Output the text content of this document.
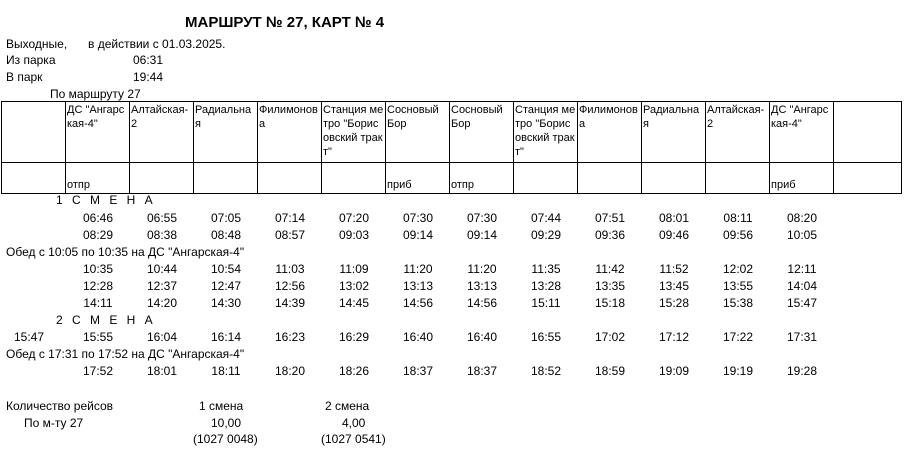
МАРШРУТ № 27, КАРТ № 4
Выходные, в действии с 01.03.2025.
Из парка	06:31
В парк	19:44
По маршруту 27
	ДС "Ангарская-4"	Алтайская-2	Радиальная	Филимонова	Станция метро "Борисовский тракт"	Сосновый Бор	Сосновый Бор	Станция метро "Борисовский тракт"	Филимонова	Радиальная	Алтайская-2	ДС "Ангарская-4"	
	отпр					приб	отпр					приб	
1 С М Е Н А
06:46	06:55	07:05	07:14	07:20	07:30	07:30	07:44	07:51	08:01	08:11	08:20
08:29	08:38	08:48	08:57	09:03	09:14	09:14	09:29	09:36	09:46	09:56	10:05
Обед с 10:05 по 10:35 на ДС "Ангарская-4"
10:35	10:44	10:54	11:03	11:09	11:20	11:20	11:35	11:42	11:52	12:02	12:11
12:28	12:37	12:47	12:56	13:02	13:13	13:13	13:28	13:35	13:45	13:55	14:04
14:11	14:20	14:30	14:39	14:45	14:56	14:56	15:11	15:18	15:28	15:38	15:47
2 С М Е Н А
15:47	15:55	16:04	16:14	16:23	16:29	16:40	16:40	16:55	17:02	17:12	17:22	17:31
Обед с 17:31 по 17:52 на ДС "Ангарская-4"
17:52	18:01	18:11	18:20	18:26	18:37	18:37	18:52	18:59	19:09	19:19	19:28
Количество рейсов	1 смена	2 смена
По м-ту 27	10,00	4,00
(1027 0048)	(1027 0541)
